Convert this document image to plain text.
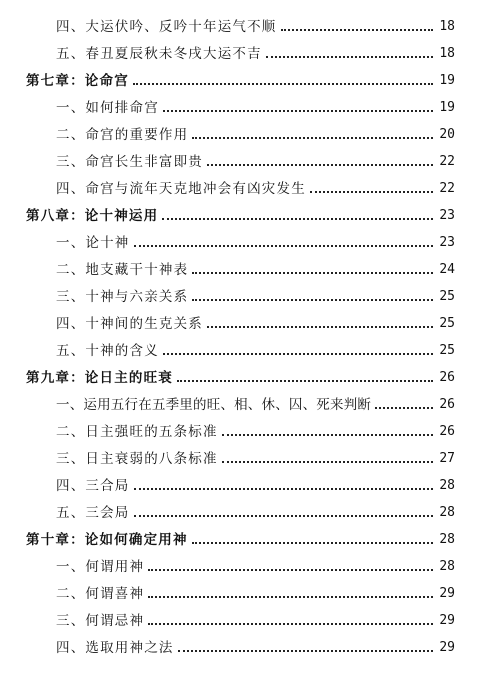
四、大运伏吟、反吟十年运气不顺	18
五、春丑夏辰秋未冬戌大运不吉	18
第七章：论命宫	19
一、如何排命宫	19
二、命宫的重要作用	20
三、命宫长生非富即贵	22
四、命宫与流年天克地冲会有凶灾发生	22
第八章：论十神运用	23
一、论十神	23
二、地支藏干十神表	24
三、十神与六亲关系	25
四、十神间的生克关系	25
五、十神的含义	25
第九章：论日主的旺衰	26
一、运用五行在五季里的旺、相、休、囚、死来判断	26
二、日主强旺的五条标准	26
三、日主衰弱的八条标准	27
四、三合局	28
五、三会局	28
第十章：论如何确定用神	28
一、何谓用神	28
二、何谓喜神	29
三、何谓忌神	29
四、选取用神之法	29
